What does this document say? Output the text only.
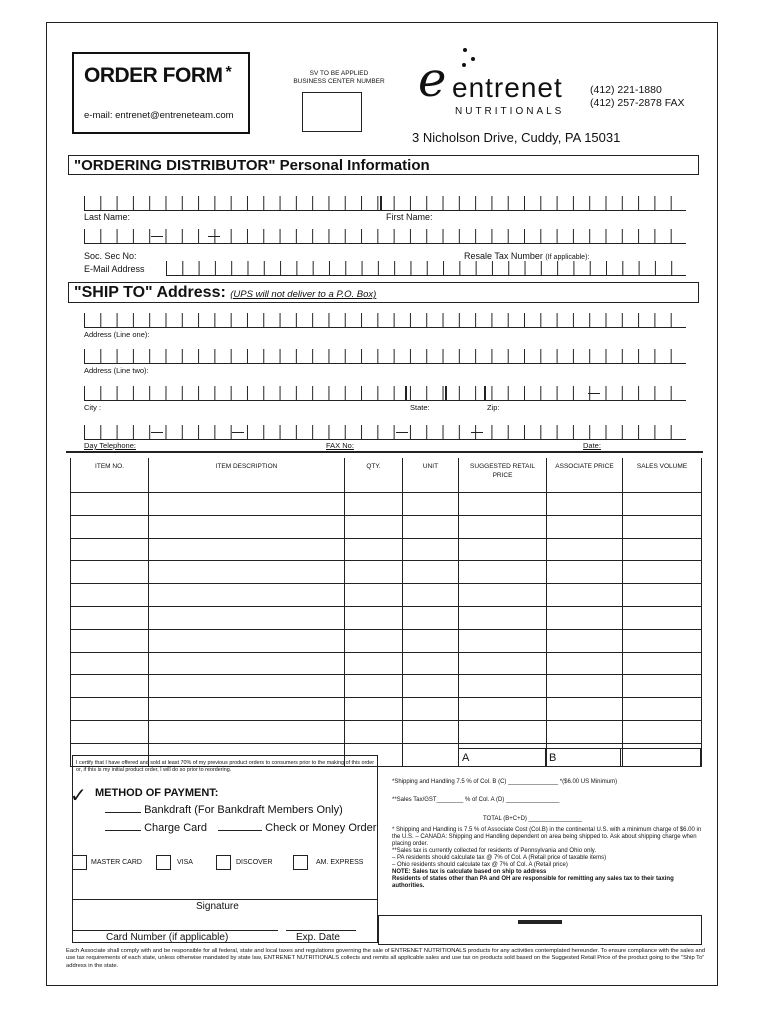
ORDER FORM *
e-mail: entrenet@entreneteam.com
SV TO BE APPLIED
BUSINESS CENTER NUMBER e entrenet
NUTRITIONALS
(412) 221-1880
(412) 257-2878 FAX
3 Nicholson Drive, Cuddy, PA 15031
"ORDERING DISTRIBUTOR" Personal Information
Last Name:	First Name:
Soc. Sec No:	Resale Tax Number (If applicable):
E-Mail Address
"SHIP TO" Address: (UPS will not deliver to a P.O. Box)
Address (Line one):
Address (Line two):
City :	State:	Zip:
Day Telephone:	FAX No:	Date:
ITEM NO.	ITEM DESCRIPTION	QTY.	UNIT	SUGGESTED RETAIL PRICE	ASSOCIATE PRICE	SALES VOLUME

A	B
I certify that I have offered and sold at least 70% of my previous product orders to consumers prior to the making of this order or, if this is my initial product order, I will do so prior to reordering.
✓ METHOD OF PAYMENT:
Bankdraft (For Bankdraft Members Only)
Charge Card	Check or Money Order
MASTER CARD	VISA	DISCOVER	AM. EXPRESS
Signature
Card Number (if applicable)	Exp. Date
*Shipping and Handling 7.5 % of Col. B (C) _______________ *($6.00 US Minimum)
**Sales Tax/GST________ % of Col. A (D) ________________
TOTAL (B+C+D) ________________
* Shipping and Handling is 7.5 % of Associate Cost (Col.B) in the continental U.S. with a minimum charge of $6.00 in the U.S. – CANADA: Shipping and Handling dependent on area being shipped to. Ask about shipping charge when placing order.
**Sales tax is currently collected for residents of Pennsylvania and Ohio only.
– PA residents should calculate tax @ 7% of Col. A (Retail price of taxable items)
– Ohio residents should calculate tax @ 7% of Col. A (Retail price)
NOTE: Sales tax is calculate based on ship to address
Residents of states other than PA and OH are responsible for remitting any sales tax to their taxing authorities.
Each Associate shall comply with and be responsible for all federal, state and local taxes and regulations governing the sale of ENTRENET NUTRITIONALS products for any activities contemplated hereunder. To ensure compliance with the sales and use tax requirements of each state, unless otherwise mandated by state law, ENTRENET NUTRITIONALS collects and remits all applicable sales and use tax on products sold based on the Suggested Retail Price of the product going to the "Ship To" address in the state.
